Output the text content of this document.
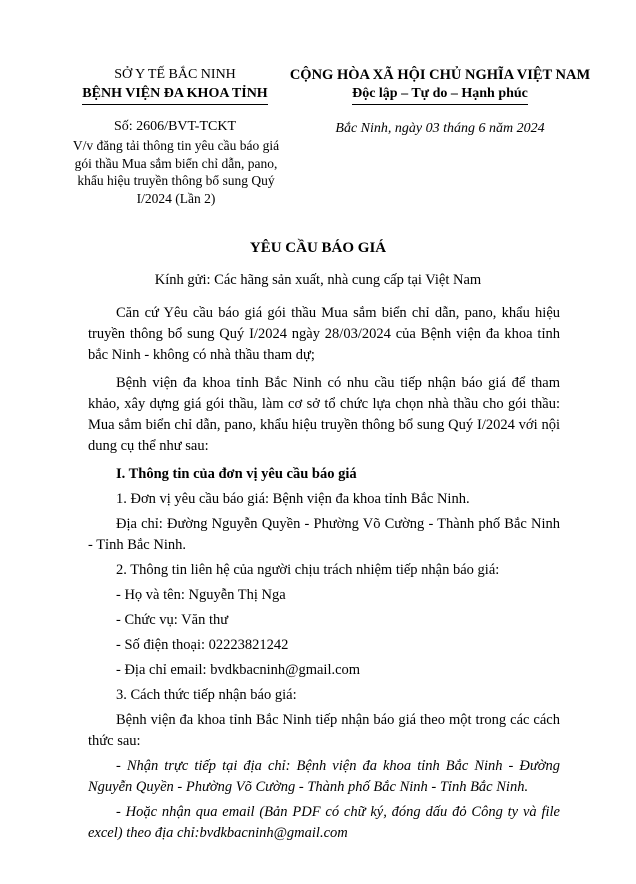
SỞ Y TẾ BẮC NINH
BỆNH VIỆN ĐA KHOA TỈNH
CỘNG HÒA XÃ HỘI CHỦ NGHĨA VIỆT NAM
Độc lập – Tự do – Hạnh phúc
Số: 2606/BVT-TCKT
V/v đăng tải thông tin yêu cầu báo giá gói thầu Mua sắm biển chỉ dẫn, pano, khẩu hiệu truyền thông bổ sung Quý I/2024 (Lần 2)
Bắc Ninh, ngày 03 tháng 6 năm 2024
YÊU CẦU BÁO GIÁ
Kính gửi: Các hãng sản xuất, nhà cung cấp tại Việt Nam

Căn cứ Yêu cầu báo giá gói thầu Mua sắm biển chỉ dẫn, pano, khẩu hiệu truyền thông bổ sung Quý I/2024 ngày 28/03/2024 của Bệnh viện đa khoa tỉnh bắc Ninh - không có nhà thầu tham dự;

Bệnh viện đa khoa tỉnh Bắc Ninh có nhu cầu tiếp nhận báo giá để tham khảo, xây dựng giá gói thầu, làm cơ sở tổ chức lựa chọn nhà thầu cho gói thầu: Mua sắm biển chỉ dẫn, pano, khẩu hiệu truyền thông bổ sung Quý I/2024 với nội dung cụ thể như sau:

I. Thông tin của đơn vị yêu cầu báo giá

1. Đơn vị yêu cầu báo giá: Bệnh viện đa khoa tỉnh Bắc Ninh.

Địa chỉ: Đường Nguyễn Quyền - Phường Võ Cường - Thành phố Bắc Ninh - Tỉnh Bắc Ninh.

2. Thông tin liên hệ của người chịu trách nhiệm tiếp nhận báo giá:

- Họ và tên: Nguyễn Thị Nga

- Chức vụ: Văn thư

- Số điện thoại: 02223821242

- Địa chỉ email: bvdkbacninh@gmail.com

3. Cách thức tiếp nhận báo giá:

Bệnh viện đa khoa tỉnh Bắc Ninh tiếp nhận báo giá theo một trong các cách thức sau:

- Nhận trực tiếp tại địa chỉ: Bệnh viện đa khoa tỉnh Bắc Ninh - Đường Nguyễn Quyền - Phường Võ Cường - Thành phố Bắc Ninh - Tỉnh Bắc Ninh.

- Hoặc nhận qua email (Bản PDF có chữ ký, đóng dấu đỏ Công ty và file excel) theo địa chỉ:bvdkbacninh@gmail.com
